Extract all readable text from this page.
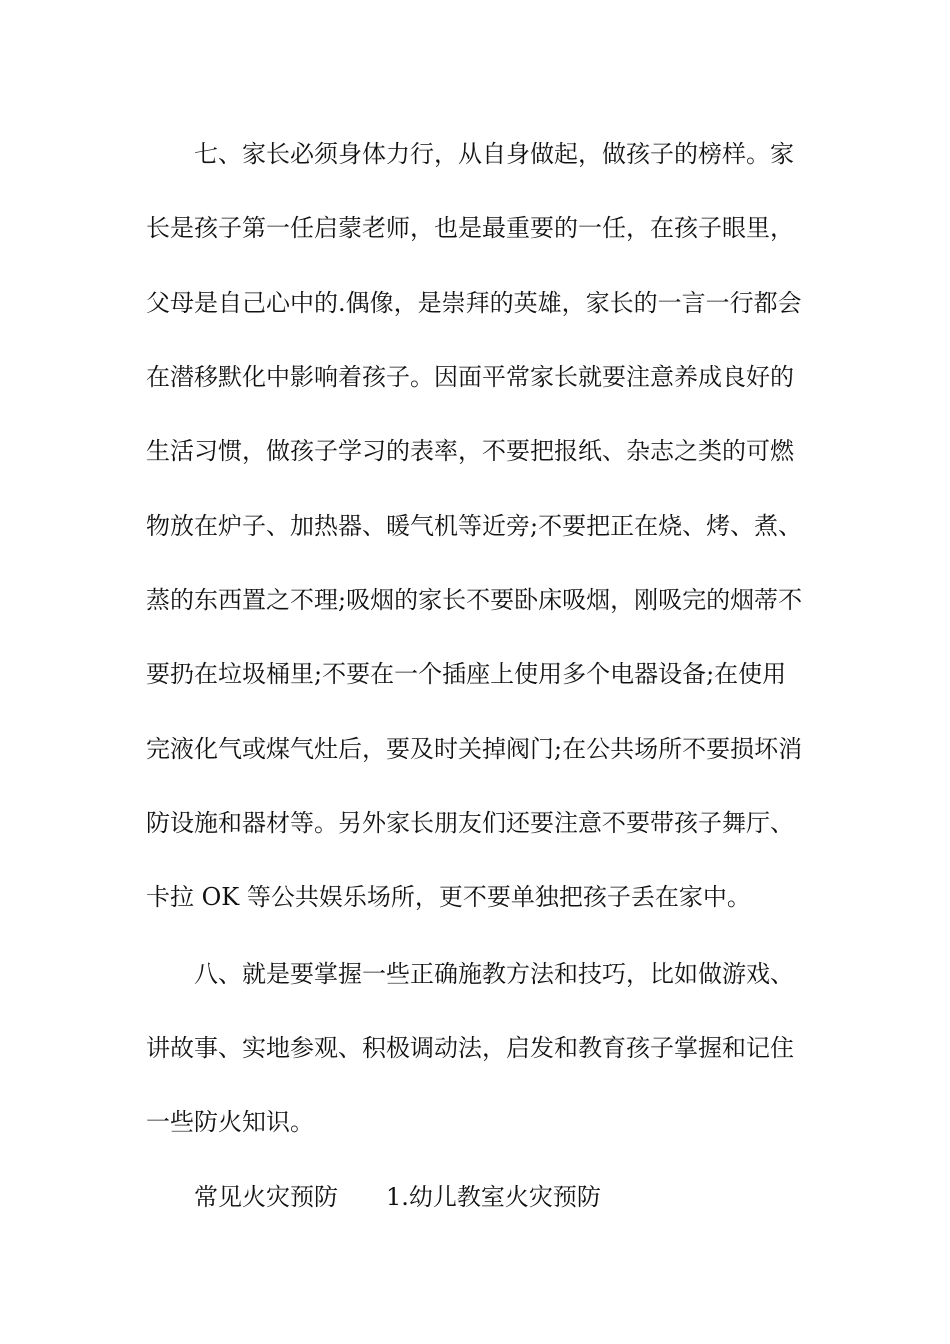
七、家长必须身体力行，从自身做起，做孩子的榜样。家
长是孩子第一任启蒙老师，也是最重要的一任，在孩子眼里，
父母是自己心中的.偶像，是崇拜的英雄，家长的一言一行都会
在潜移默化中影响着孩子。因面平常家长就要注意养成良好的
生活习惯，做孩子学习的表率，不要把报纸、杂志之类的可燃
物放在炉子、加热器、暖气机等近旁;不要把正在烧、烤、煮、
蒸的东西置之不理;吸烟的家长不要卧床吸烟，刚吸完的烟蒂不
要扔在垃圾桶里;不要在一个插座上使用多个电器设备;在使用
完液化气或煤气灶后，要及时关掉阀门;在公共场所不要损坏消
防设施和器材等。另外家长朋友们还要注意不要带孩子舞厅、
卡拉 OK 等公共娱乐场所，更不要单独把孩子丢在家中。
八、就是要掌握一些正确施教方法和技巧，比如做游戏、
讲故事、实地参观、积极调动法，启发和教育孩子掌握和记住
一些防火知识。
常见火灾预防 1.幼儿教室火灾预防
